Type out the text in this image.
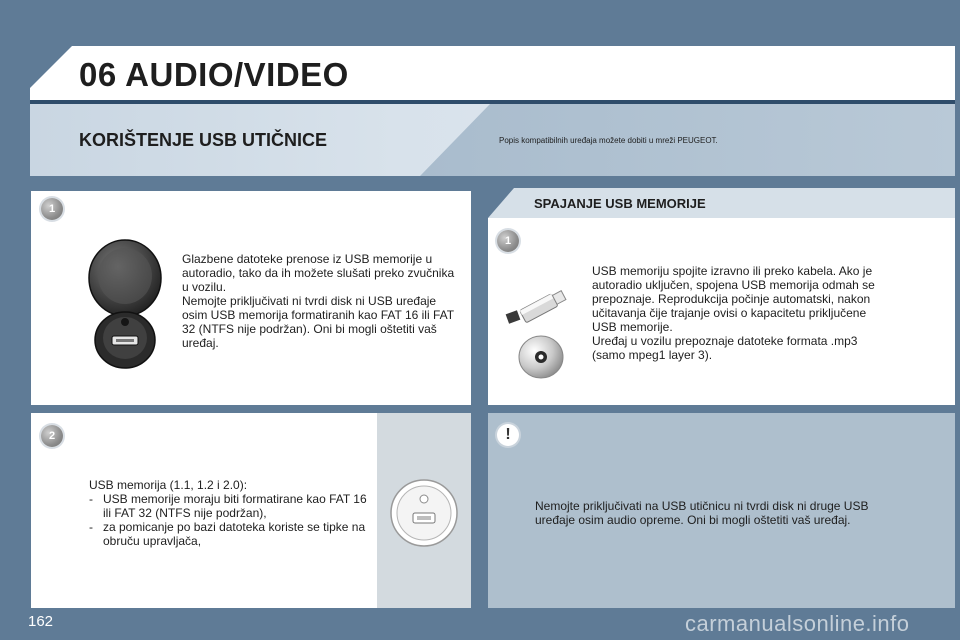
06 AUDIO/VIDEO
KORIŠTENJE USB UTIČNICE	Popis kompatibilnih uređaja možete dobiti u mreži PEUGEOT.
1
Glazbene datoteke prenose iz USB memorije u autoradio, tako da ih možete slušati preko zvučnika u vozilu.
Nemojte priključivati ni tvrdi disk ni USB uređaje osim USB memorija formatiranih kao FAT 16 ili FAT 32 (NTFS nije podržan). Oni bi mogli oštetiti vaš uređaj.
2

USB memorija (1.1, 1.2 i 2.0):

- USB memorije moraju biti formatirane kao FAT 16 ili FAT 32 (NTFS nije podržan),
- za pomicanje po bazi datoteka koriste se tipke na obruču upravljača,
SPAJANJE USB MEMORIJE
1
USB memoriju spojite izravno ili preko kabela. Ako je autoradio uključen, spojena USB memorija odmah se prepoznaje. Reprodukcija počinje automatski, nakon učitavanja čije trajanje ovisi o kapacitetu priključene USB memorije.
Uređaj u vozilu prepoznaje datoteke formata .mp3 (samo mpeg1 layer 3).
!
Nemojte priključivati na USB utičnicu ni tvrdi disk ni druge USB uređaje osim audio opreme. Oni bi mogli oštetiti vaš uređaj.
162	carmanualsonline.info
